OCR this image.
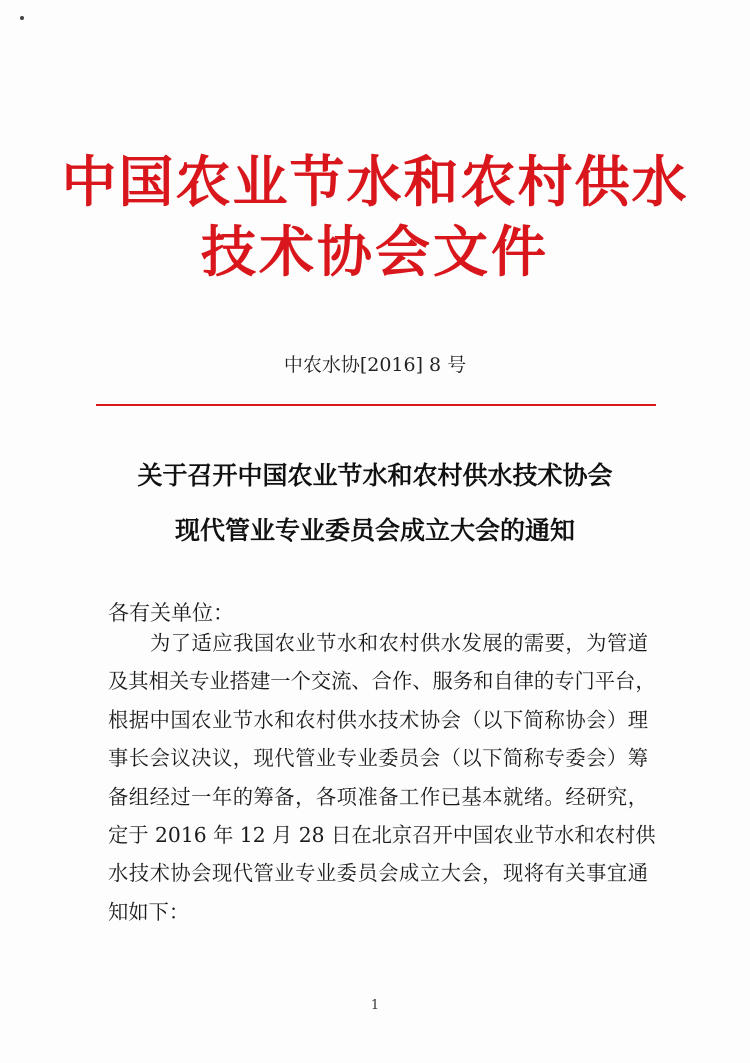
中国农业节水和农村供水
技术协会文件
中农水协[2016] 8 号
关于召开中国农业节水和农村供水技术协会
现代管业专业委员会成立大会的通知
各有关单位：
为了适应我国农业节水和农村供水发展的需要，为管道
及其相关专业搭建一个交流、合作、服务和自律的专门平台，
根据中国农业节水和农村供水技术协会（以下简称协会）理
事长会议决议，现代管业专业委员会（以下简称专委会）筹
备组经过一年的筹备，各项准备工作已基本就绪。经研究，
定于 2016 年 12 月 28 日在北京召开中国农业节水和农村供
水技术协会现代管业专业委员会成立大会，现将有关事宜通
知如下：
1
